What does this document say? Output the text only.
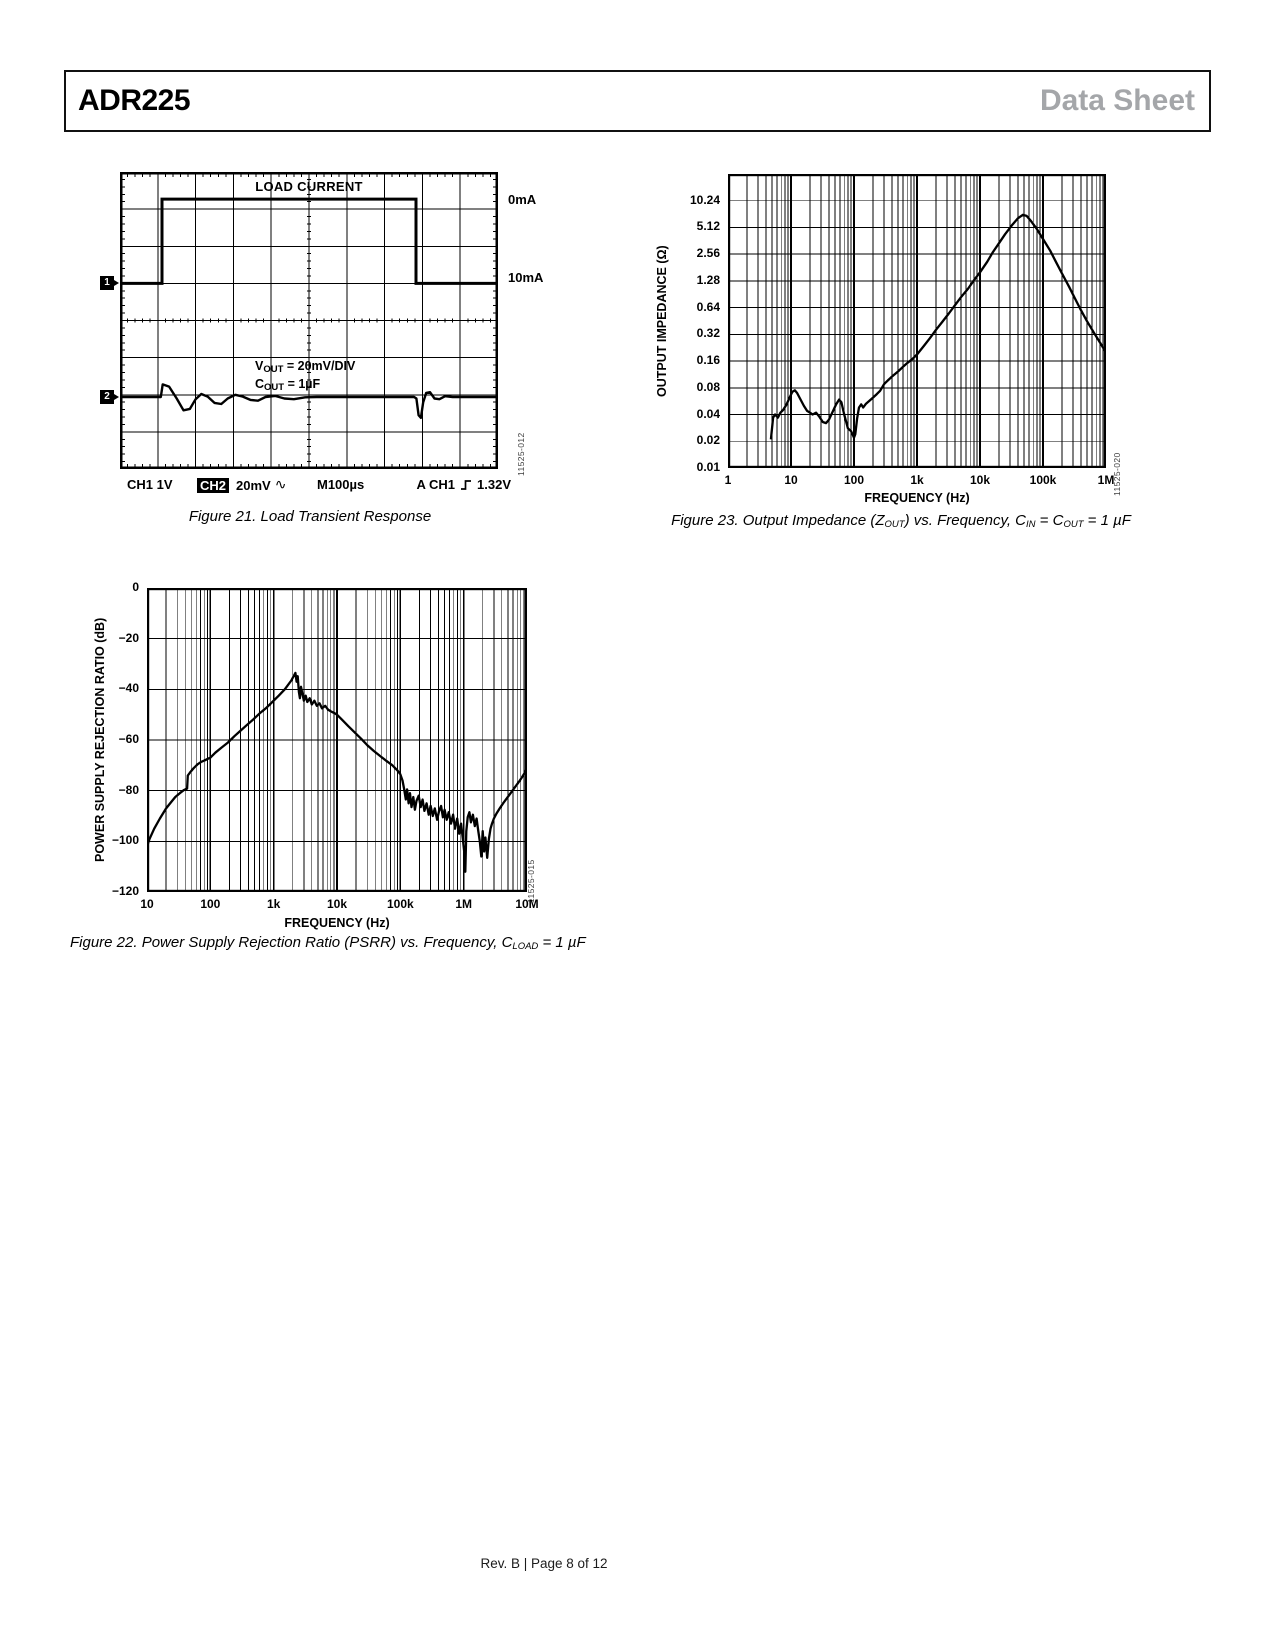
ADR225	Data Sheet
LOAD CURRENT
$V_{OUT} = 20mV/DIV$
$C_{OUT} = 1\mu F$
CH1 1V CH2 20mV ∿ M100µs	A CH1 1.32V
11525-012
Figure 21. Load Transient Response
0mA
10mA
1
2
POWER SUPPLY REJECTION RATIO (dB)
FREQUENCY (Hz)
11525-015
Figure 22. Power Supply Rejection Ratio (PSRR) vs. Frequency, $C_{LOAD} = 1$ µF
10	100	1k	10k	100k	1M	10M
0
−20
−40
−60
−80
−100
−120
OUTPUT IMPEDANCE (Ω)
FREQUENCY (Hz)
11525-020
Figure 23. Output Impedance $(Z_{OUT})$ vs. Frequency, $C_{IN} = C_{OUT} = 1$ µF
1	10	100	1k	10k	100k	1M
10.24
5.12
2.56
1.28
0.64
0.32
0.16
0.08
0.04
0.02
0.01
Rev. B | Page 8 of 12
